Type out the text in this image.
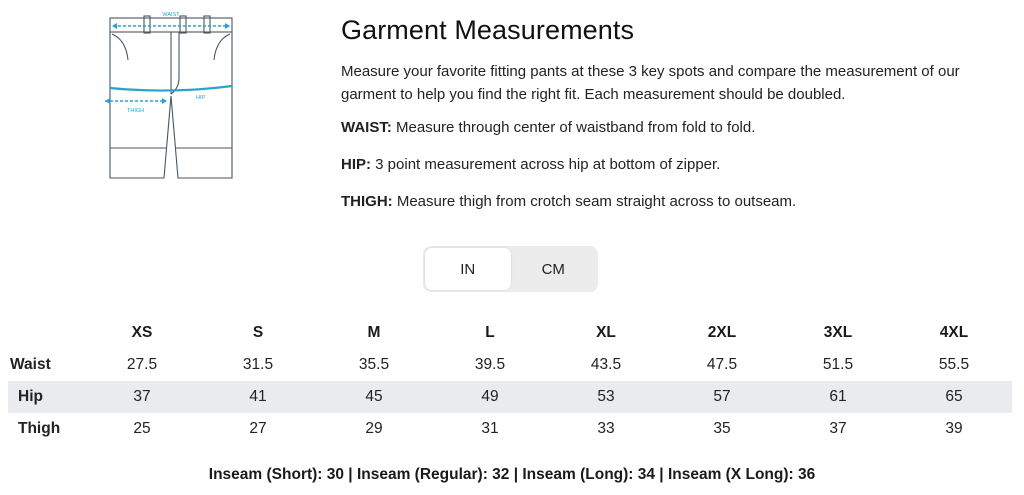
WAIST
HIP
THIGH
Garment Measurements

Measure your favorite fitting pants at these 3 key spots and compare the measurement of our garment to help you find the right fit. Each measurement should be doubled.

WAIST: Measure through center of waistband from fold to fold.

HIP: 3 point measurement across hip at bottom of zipper.

THIGH: Measure thigh from crotch seam straight across to outseam.

IN	CM
	XS	S	M	L	XL	2XL	3XL	4XL
Waist	27.5	31.5	35.5	39.5	43.5	47.5	51.5	55.5
Hip	37	41	45	49	53	57	61	65
Thigh	25	27	29	31	33	35	37	39
Inseam (Short): 30 | Inseam (Regular): 32 | Inseam (Long): 34 | Inseam (X Long): 36
